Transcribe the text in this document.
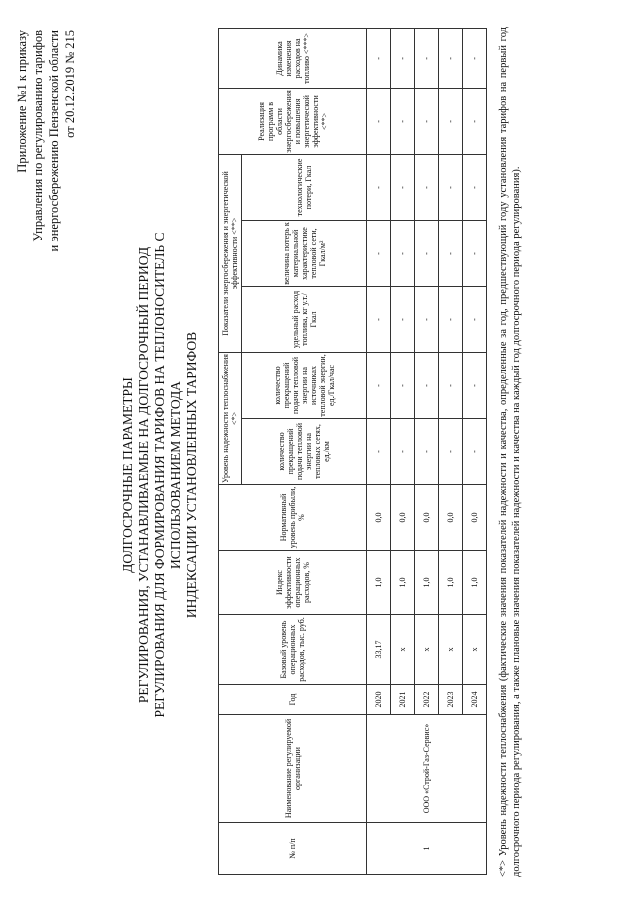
Приложение №1 к приказу Управления по регулированию тарифов и энергосбережению Пензенской области от 20.12.2019 № 215
ДОЛГОСРОЧНЫЕ ПАРАМЕТРЫ РЕГУЛИРОВАНИЯ, УСТАНАВЛИВАЕМЫЕ НА ДОЛГОСРОЧНЫЙ ПЕРИОД РЕГУЛИРОВАНИЯ ДЛЯ ФОРМИРОВАНИЯ ТАРИФОВ НА ТЕПЛОНОСИТЕЛЬ С ИСПОЛЬЗОВАНИЕМ МЕТОДА ИНДЕКСАЦИИ УСТАНОВЛЕННЫХ ТАРИФОВ
№ п/п	Наименование регулируемой организации	Год	Базовый уровень операционных расходов, тыс. руб.	Индекс эффективности операционных расходов, %	Нормативный уровень прибыли, %	Уровень надежности теплоснабжения <*>		Показатели энергосбережения и энергетической эффективности <**>			Реализация программ в области энергосбережения и повышения энергетической эффективности <**>	Динамика изменения расходов на топливо <***>
						количество прекращений подачи тепловой энергии на тепловых сетях, ед./км	количество прекращений подачи тепловой энергии на источниках тепловой энергии, ед./Гкал/час	удельный расход топлива, кг у.т./Гкал	величина потерь к материальной характеристике тепловой сети, Гкал/м²	технологические потери, Гкал		
1	ООО «Строй-Газ-Сервис»	2020	33,17	1,0	0,0	-	-	-	-	-	-	-
		2021	x	1,0	0,0	-	-	-	-	-	-	-
		2022	x	1,0	0,0	-	-	-	-	-	-	-
		2023	x	1,0	0,0	-	-	-	-	-	-	-
		2024	x	1,0	0,0	-	-	-	-	-	-	- <*> Уровень надежности теплоснабжения (фактические значения показателей надежности и качества, определенные за год, предшествующий году установления тарифов на первый год долгосрочного периода регулирования, а также плановые значения показателей надежности и качества на каждый год долгосрочного периода регулирования).
